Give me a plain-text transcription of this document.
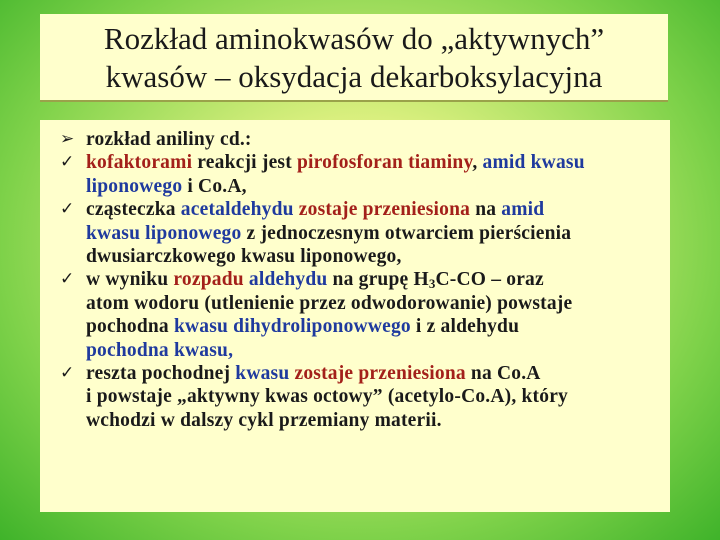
Rozkład aminokwasów do „aktywnych”
kwasów – oksydacja dekarboksylacyjna
➢ rozkład aniliny cd.:
✓ kofaktorami reakcji jest pirofosforan tiaminy, amid kwasu
liponowego i Co.A,
✓ cząsteczka acetaldehydu zostaje przeniesiona na amid
kwasu liponowego z jednoczesnym otwarciem pierścienia
dwusiarczkowego kwasu liponowego,
✓ w wyniku rozpadu aldehydu na grupę $H_3C-CO$ – oraz
atom wodoru (utlenienie przez odwodorowanie) powstaje
pochodna kwasu dihydroliponowwego i z aldehydu
pochodna kwasu,
✓ reszta pochodnej kwasu zostaje przeniesiona na Co.A
i powstaje „aktywny kwas octowy” (acetylo-Co.A), który
wchodzi w dalszy cykl przemiany materii.
